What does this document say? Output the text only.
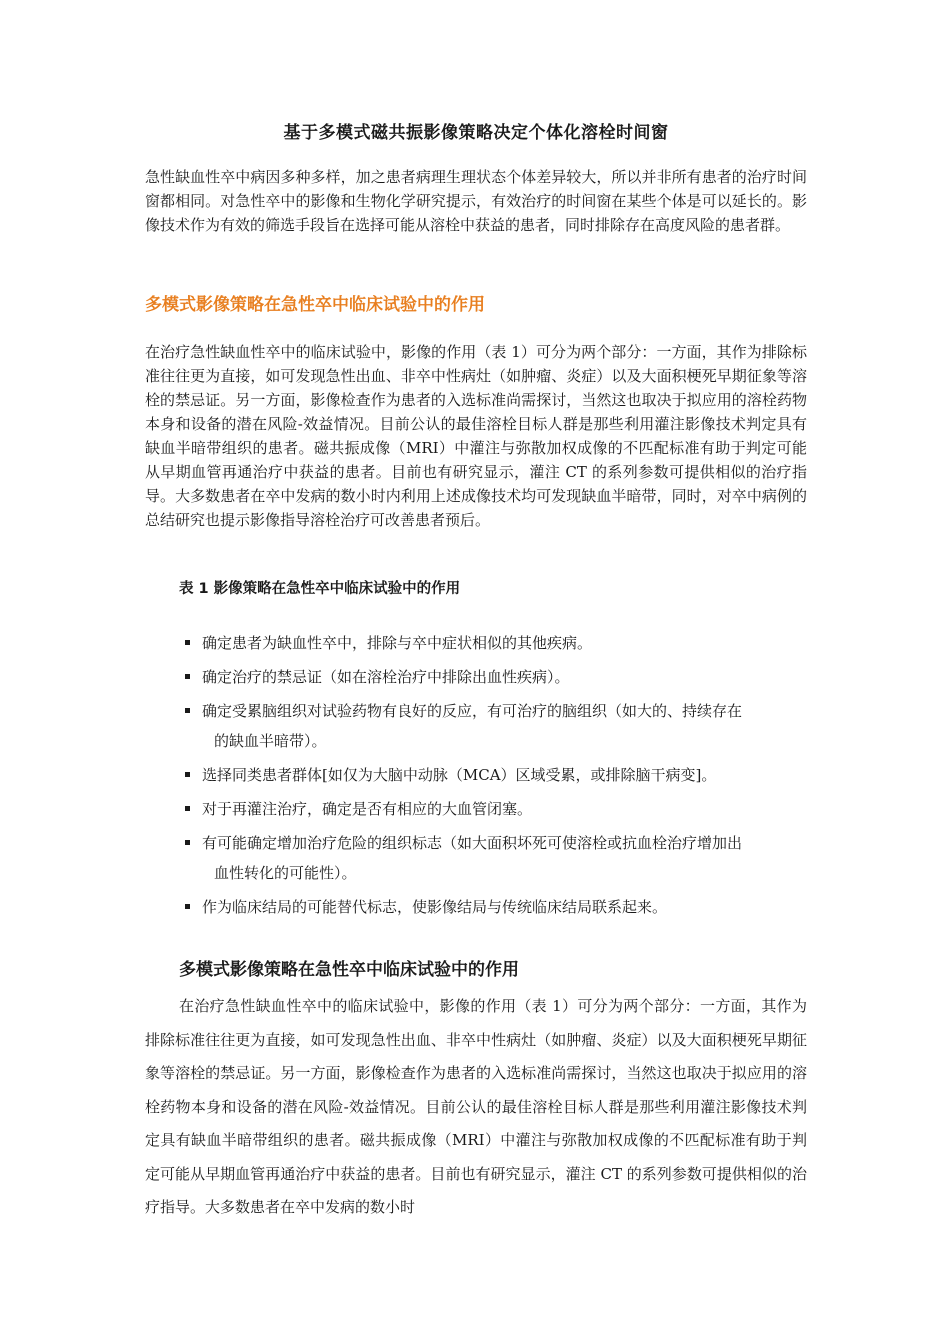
基于多模式磁共振影像策略决定个体化溶栓时间窗

急性缺血性卒中病因多种多样，加之患者病理生理状态个体差异较大，所以并非所有患者的治疗时间窗都相同。对急性卒中的影像和生物化学研究提示，有效治疗的时间窗在某些个体是可以延长的。影像技术作为有效的筛选手段旨在选择可能从溶栓中获益的患者，同时排除存在高度风险的患者群。

多模式影像策略在急性卒中临床试验中的作用

在治疗急性缺血性卒中的临床试验中，影像的作用（表 1）可分为两个部分：一方面，其作为排除标准往往更为直接，如可发现急性出血、非卒中性病灶（如肿瘤、炎症）以及大面积梗死早期征象等溶栓的禁忌证。另一方面，影像检查作为患者的入选标准尚需探讨，当然这也取决于拟应用的溶栓药物本身和设备的潜在风险-效益情况。目前公认的最佳溶栓目标人群是那些利用灌注影像技术判定具有缺血半暗带组织的患者。磁共振成像（MRI）中灌注与弥散加权成像的不匹配标准有助于判定可能从早期血管再通治疗中获益的患者。目前也有研究显示，灌注 CT 的系列参数可提供相似的治疗指导。大多数患者在卒中发病的数小时内利用上述成像技术均可发现缺血半暗带，同时，对卒中病例的总结研究也提示影像指导溶栓治疗可改善患者预后。

表 1 影像策略在急性卒中临床试验中的作用

确定患者为缺血性卒中，排除与卒中症状相似的其他疾病。
确定治疗的禁忌证（如在溶栓治疗中排除出血性疾病）。
确定受累脑组织对试验药物有良好的反应，有可治疗的脑组织（如大的、持续存在
的缺血半暗带）。
选择同类患者群体[如仅为大脑中动脉（MCA）区域受累，或排除脑干病变]。
对于再灌注治疗，确定是否有相应的大血管闭塞。
有可能确定增加治疗危险的组织标志（如大面积坏死可使溶栓或抗血栓治疗增加出
血性转化的可能性）。
作为临床结局的可能替代标志，使影像结局与传统临床结局联系起来。
多模式影像策略在急性卒中临床试验中的作用

在治疗急性缺血性卒中的临床试验中，影像的作用（表 1）可分为两个部分：一方面，其作为排除标准往往更为直接，如可发现急性出血、非卒中性病灶（如肿瘤、炎症）以及大面积梗死早期征象等溶栓的禁忌证。另一方面，影像检查作为患者的入选标准尚需探讨，当然这也取决于拟应用的溶栓药物本身和设备的潜在风险-效益情况。目前公认的最佳溶栓目标人群是那些利用灌注影像技术判定具有缺血半暗带组织的患者。磁共振成像（MRI）中灌注与弥散加权成像的不匹配标准有助于判定可能从早期血管再通治疗中获益的患者。目前也有研究显示，灌注 CT 的系列参数可提供相似的治疗指导。大多数患者在卒中发病的数小时
